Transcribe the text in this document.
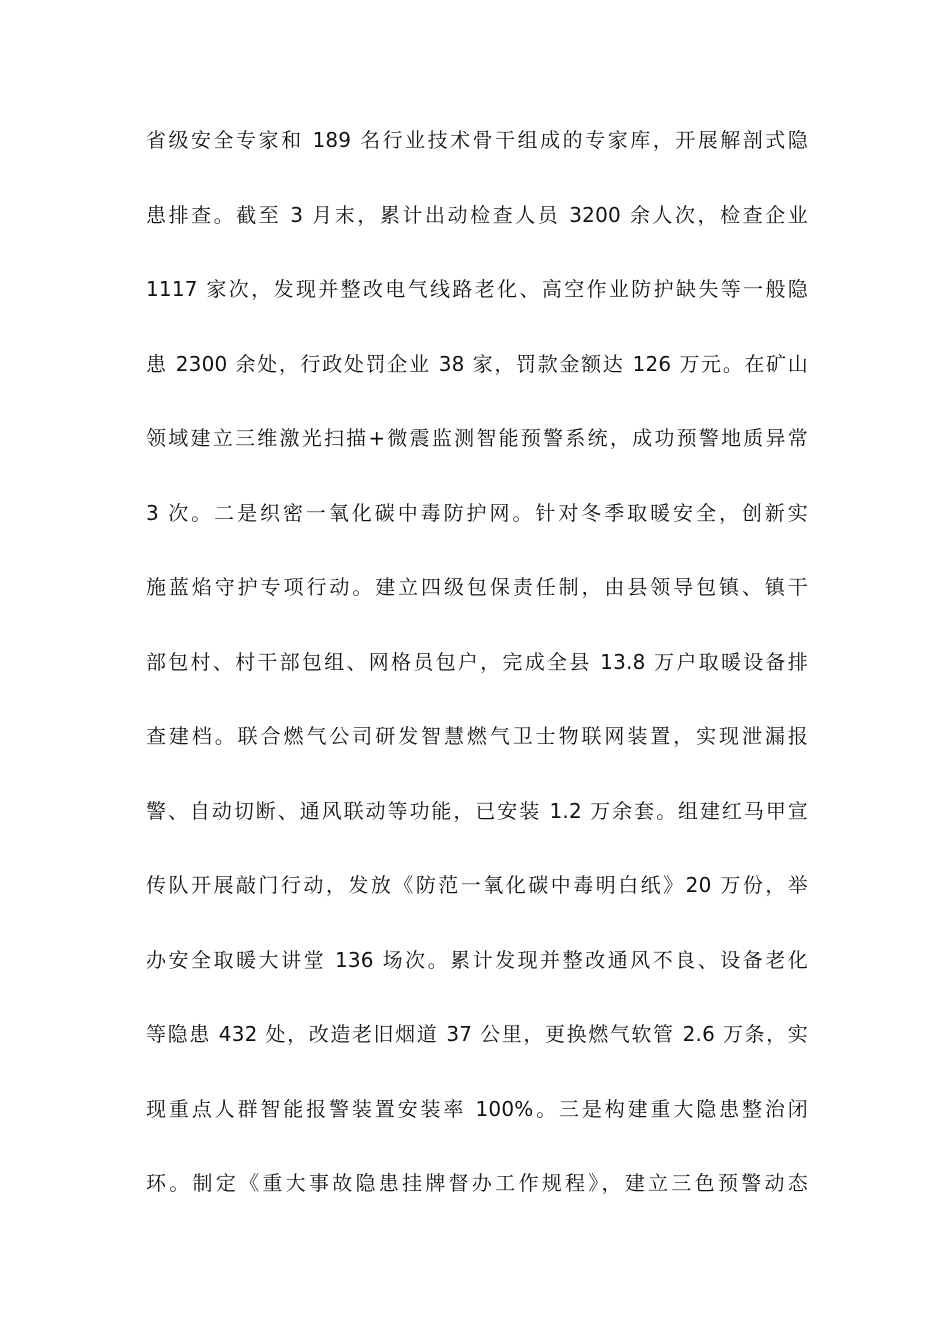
省级安全专家和 189 名行业技术骨干组成的专家库，开展解剖式隐
患排查。截至 3 月末，累计出动检查人员 3200 余人次，检查企业
1117 家次，发现并整改电气线路老化、高空作业防护缺失等一般隐
患 2300 余处，行政处罚企业 38 家，罚款金额达 126 万元。在矿山
领域建立三维激光扫描+微震监测智能预警系统，成功预警地质异常
3 次。二是织密一氧化碳中毒防护网。针对冬季取暖安全，创新实
施蓝焰守护专项行动。建立四级包保责任制，由县领导包镇、镇干
部包村、村干部包组、网格员包户，完成全县 13.8 万户取暖设备排
查建档。联合燃气公司研发智慧燃气卫士物联网装置，实现泄漏报
警、自动切断、通风联动等功能，已安装 1.2 万余套。组建红马甲宣
传队开展敲门行动，发放《防范一氧化碳中毒明白纸》20 万份，举
办安全取暖大讲堂 136 场次。累计发现并整改通风不良、设备老化
等隐患 432 处，改造老旧烟道 37 公里，更换燃气软管 2.6 万条，实
现重点人群智能报警装置安装率 100%。三是构建重大隐患整治闭
环。制定《重大事故隐患挂牌督办工作规程》，建立三色预警动态
